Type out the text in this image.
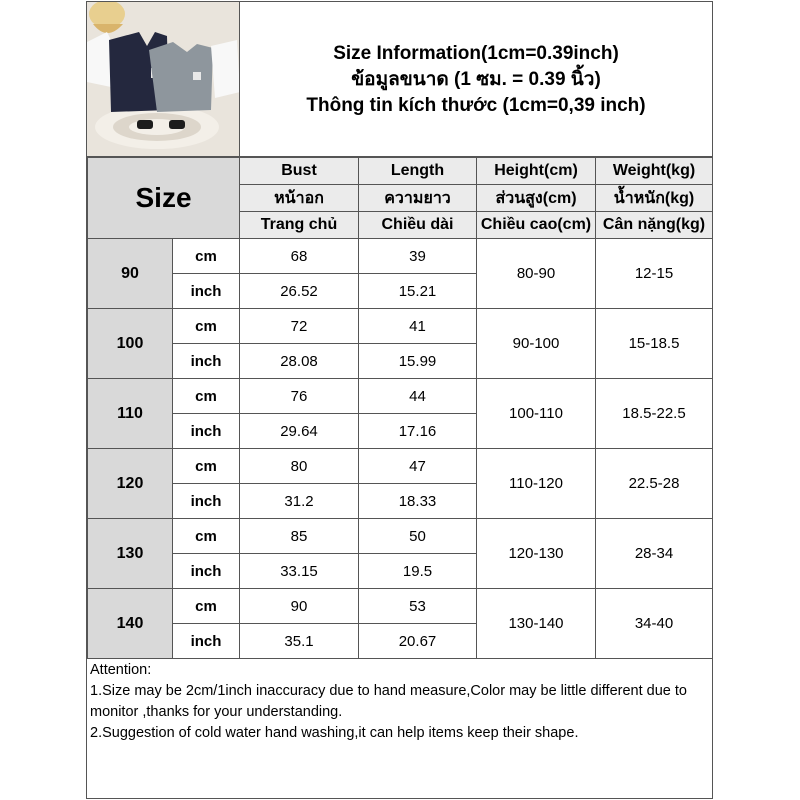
Size Information(1cm=0.39inch)
ข้อมูลขนาด (1 ซม. = 0.39 นิ้ว)
Thông tin kích thước (1cm=0,39 inch)
Size		Bust	Length	Height(cm)	Weight(kg)
		หน้าอก	ความยาว	ส่วนสูง(cm)	น้ำหนัก(kg)
		Trang chủ	Chiều dài	Chiều cao(cm)	Cân nặng(kg)
90	cm	68	39	80-90	12-15
	inch	26.52	15.21		
100	cm	72	41	90-100	15-18.5
	inch	28.08	15.99		
110	cm	76	44	100-110	18.5-22.5
	inch	29.64	17.16		
120	cm	80	47	110-120	22.5-28
	inch	31.2	18.33		
130	cm	85	50	120-130	28-34
	inch	33.15	19.5		
140	cm	90	53	130-140	34-40
	inch	35.1	20.67		
Attention:
1.Size may be 2cm/1inch inaccuracy due to hand measure,Color may be little different due to monitor ,thanks for your understanding.
2.Suggestion of cold water hand washing,it can help items keep their shape.
